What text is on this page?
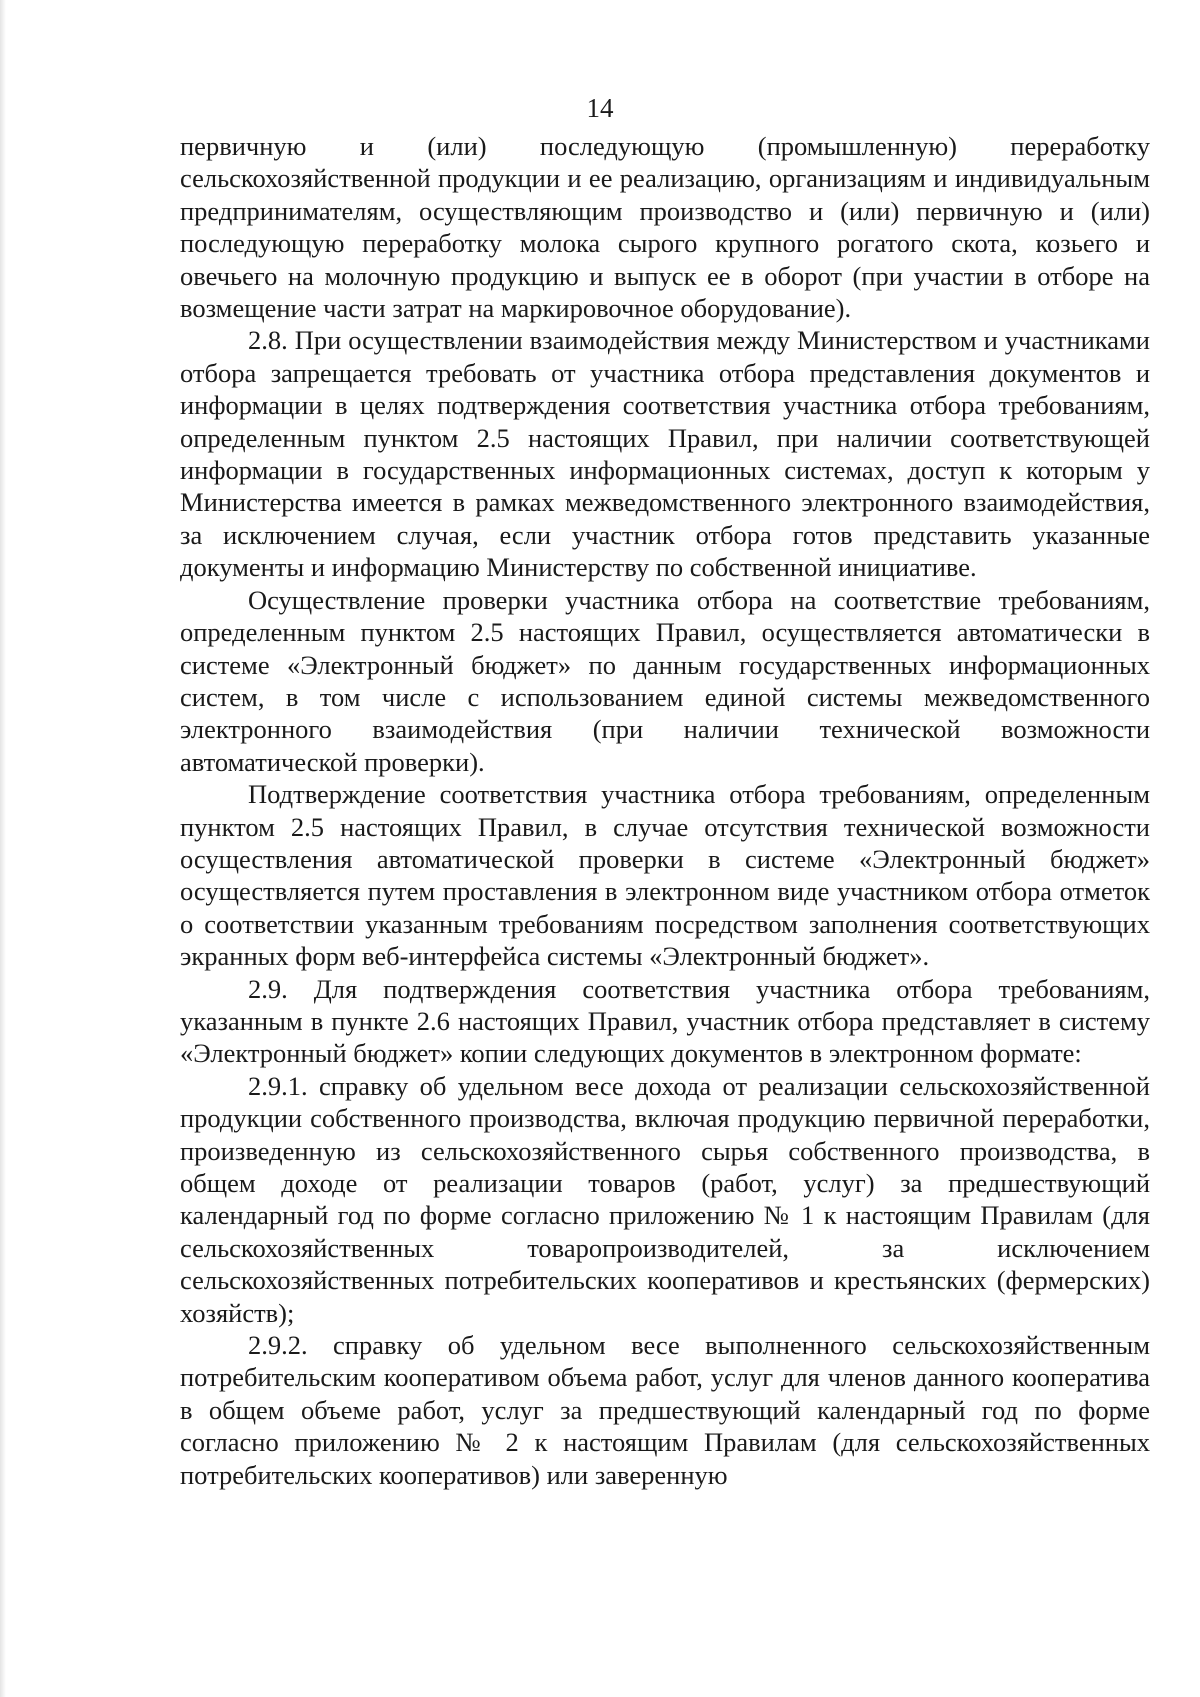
14

первичную и (или) последующую (промышленную) переработку сельскохозяйственной продукции и ее реализацию, организациям и индивидуальным предпринимателям, осуществляющим производство и (или) первичную и (или) последующую переработку молока сырого крупного рогатого скота, козьего и овечьего на молочную продукцию и выпуск ее в оборот (при участии в отборе на возмещение части затрат на маркировочное оборудование).

2.8. При осуществлении взаимодействия между Министерством и участниками отбора запрещается требовать от участника отбора представления документов и информации в целях подтверждения соответствия участника отбора требованиям, определенным пунктом 2.5 настоящих Правил, при наличии соответствующей информации в государственных информационных системах, доступ к которым у Министерства имеется в рамках межведомственного электронного взаимодействия, за исключением случая, если участник отбора готов представить указанные документы и информацию Министерству по собственной инициативе.

Осуществление проверки участника отбора на соответствие требованиям, определенным пунктом 2.5 настоящих Правил, осуществляется автоматически в системе «Электронный бюджет» по данным государственных информационных систем, в том числе с использованием единой системы межведомственного электронного взаимодействия (при наличии технической возможности автоматической проверки).

Подтверждение соответствия участника отбора требованиям, определенным пунктом 2.5 настоящих Правил, в случае отсутствия технической возможности осуществления автоматической проверки в системе «Электронный бюджет» осуществляется путем проставления в электронном виде участником отбора отметок о соответствии указанным требованиям посредством заполнения соответствующих экранных форм веб-интерфейса системы «Электронный бюджет».

2.9. Для подтверждения соответствия участника отбора требованиям, указанным в пункте 2.6 настоящих Правил, участник отбора представляет в систему «Электронный бюджет» копии следующих документов в электронном формате:

2.9.1. справку об удельном весе дохода от реализации сельскохозяйственной продукции собственного производства, включая продукцию первичной переработки, произведенную из сельскохозяйственного сырья собственного производства, в общем доходе от реализации товаров (работ, услуг) за предшествующий календарный год по форме согласно приложению № 1 к настоящим Правилам (для сельскохозяйственных товаропроизводителей, за исключением сельскохозяйственных потребительских кооперативов и крестьянских (фермерских) хозяйств);

2.9.2. справку об удельном весе выполненного сельскохозяйственным потребительским кооперативом объема работ, услуг для членов данного кооператива в общем объеме работ, услуг за предшествующий календарный год по форме согласно приложению № 2 к настоящим Правилам (для сельскохозяйственных потребительских кооперативов) или заверенную
